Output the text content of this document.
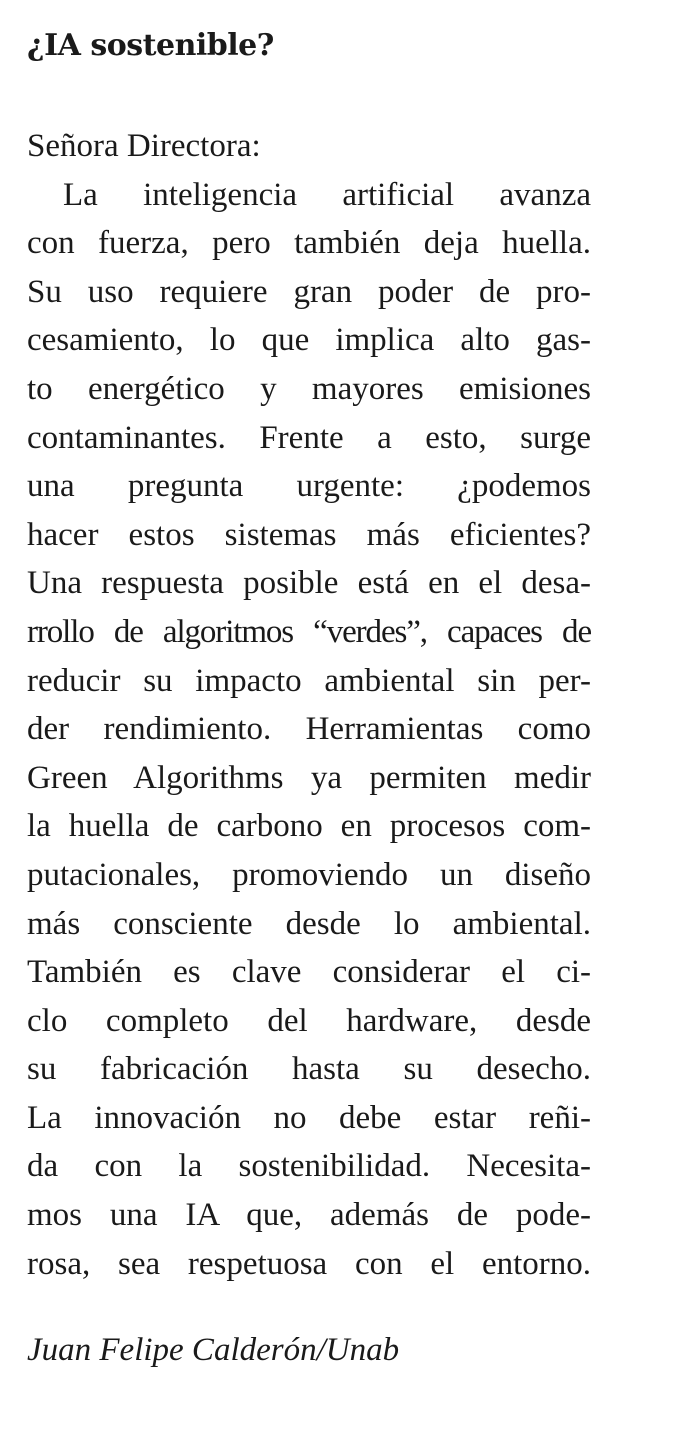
¿IA sostenible?
Señora Directora:
La inteligencia artificial avanza
con fuerza, pero también deja huella.
Su uso requiere gran poder de pro-
cesamiento, lo que implica alto gas-
to energético y mayores emisiones
contaminantes. Frente a esto, surge
una pregunta urgente: ¿podemos
hacer estos sistemas más eficientes?
Una respuesta posible está en el desa-
rrollo de algoritmos “verdes”, capaces de
reducir su impacto ambiental sin per-
der rendimiento. Herramientas como
Green Algorithms ya permiten medir
la huella de carbono en procesos com-
putacionales, promoviendo un diseño
más consciente desde lo ambiental.
También es clave considerar el ci-
clo completo del hardware, desde
su fabricación hasta su desecho.
La innovación no debe estar reñi-
da con la sostenibilidad. Necesita-
mos una IA que, además de pode-
rosa, sea respetuosa con el entorno.
Juan Felipe Calderón/Unab
